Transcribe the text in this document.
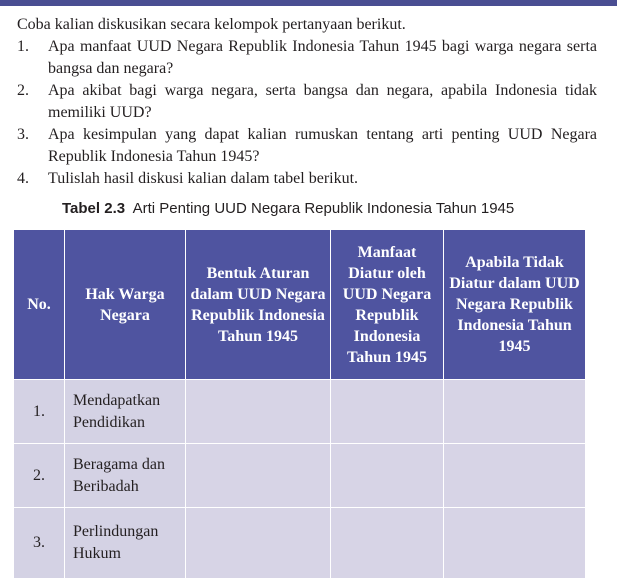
Coba kalian diskusikan secara kelompok pertanyaan berikut.

1. Apa manfaat UUD Negara Republik Indonesia Tahun 1945 bagi warga negara serta bangsa dan negara?
2. Apa akibat bagi warga negara, serta bangsa dan negara, apabila Indonesia tidak memiliki UUD?
3. Apa kesimpulan yang dapat kalian rumuskan tentang arti penting UUD Negara Republik Indonesia Tahun 1945?
4. Tulislah hasil diskusi kalian dalam tabel berikut.
Tabel 2.3 Arti Penting UUD Negara Republik Indonesia Tahun 1945
No.	Hak Warga Negara	Bentuk Aturan dalam UUD Negara Republik Indonesia Tahun 1945	Manfaat Diatur oleh UUD Negara Republik Indonesia Tahun 1945	Apabila Tidak Diatur dalam UUD Negara Republik Indonesia Tahun 1945
1.	Mendapatkan Pendidikan			
2.	Beragama dan Beribadah			
3.	Perlindungan Hukum			
